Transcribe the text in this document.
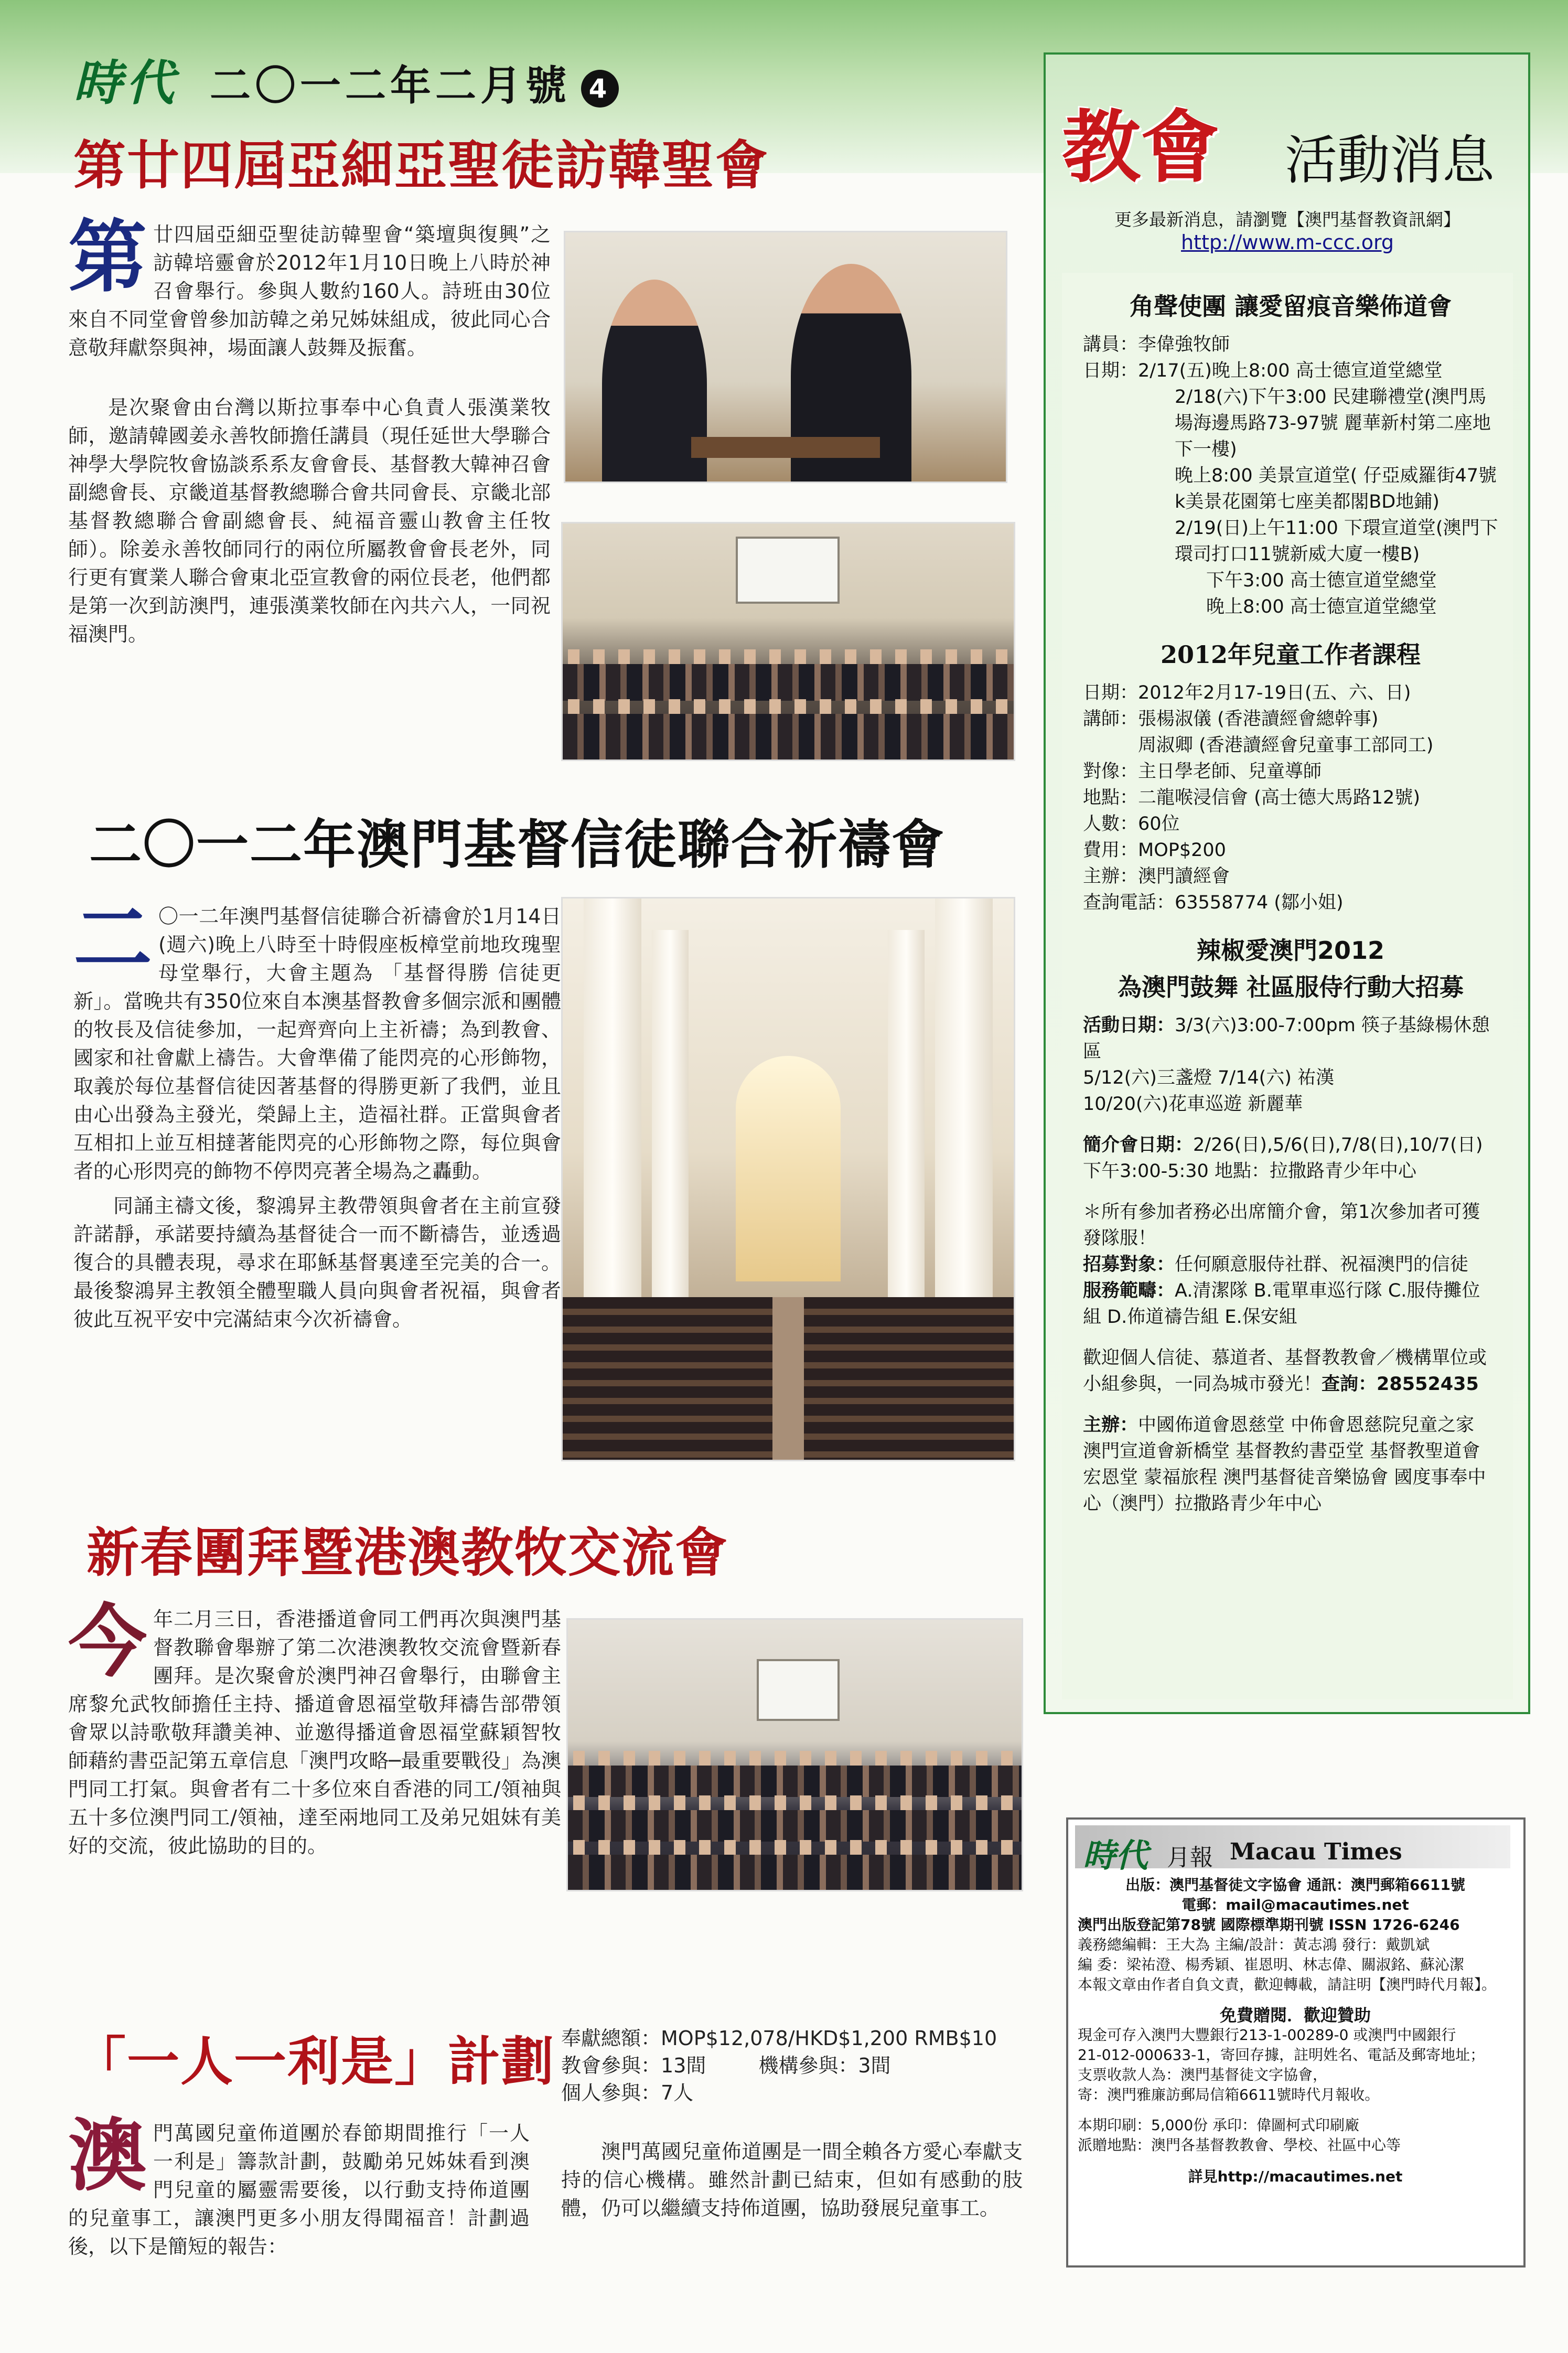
時代 二〇一二年二月號 4
第廿四屆亞細亞聖徒訪韓聖會

第廿四屆亞細亞聖徒訪韓聖會“築壇與復興”之訪韓培靈會於2012年1月10日晚上八時於神召會舉行。參與人數約160人。詩班由30位來自不同堂會曾參加訪韓之弟兄姊妹組成，彼此同心合意敬拜獻祭與神，場面讓人鼓舞及振奮。

是次聚會由台灣以斯拉事奉中心負責人張漢業牧師，邀請韓國姜永善牧師擔任講員（現任延世大學聯合神學大學院牧會協談系系友會會長、基督教大韓神召會副總會長、京畿道基督教總聯合會共同會長、京畿北部基督教總聯合會副總會長、純福音靈山教會主任牧師）。除姜永善牧師同行的兩位所屬教會會長老外，同行更有實業人聯合會東北亞宣教會的兩位長老，他們都是第一次到訪澳門，連張漢業牧師在內共六人，一同祝福澳門。

二〇一二年澳門基督信徒聯合祈禱會

二 〇一二年澳門基督信徒聯合祈禱會於1月14日(週六)晚上八時至十時假座板樟堂前地玫瑰聖母堂舉行，大會主題為 「基督得勝 信徒更新」。當晚共有350位來自本澳基督教會多個宗派和團體的牧長及信徒參加，一起齊齊向上主祈禱；為到教會、國家和社會獻上禱告。大會準備了能閃亮的心形飾物，取義於每位基督信徒因著基督的得勝更新了我們，並且由心出發為主發光，榮歸上主，造福社群。正當與會者互相扣上並互相撻著能閃亮的心形飾物之際，每位與會者的心形閃亮的飾物不停閃亮著全場為之轟動。

同誦主禱文後，黎鴻昇主教帶領與會者在主前宣發許諾靜，承諾要持續為基督徒合一而不斷禱告，並透過復合的具體表現，尋求在耶穌基督裏達至完美的合一。最後黎鴻昇主教領全體聖職人員向與會者祝福，與會者彼此互祝平安中完滿結束今次祈禱會。

新春團拜暨港澳教牧交流會

今年二月三日，香港播道會同工們再次與澳門基督教聯會舉辦了第二次港澳教牧交流會暨新春團拜。是次聚會於澳門神召會舉行，由聯會主席黎允武牧師擔任主持、播道會恩福堂敬拜禱告部帶領會眾以詩歌敬拜讚美神、並邀得播道會恩福堂蘇穎智牧師藉約書亞記第五章信息「澳門攻略─最重要戰役」為澳門同工打氣。與會者有二十多位來自香港的同工/領袖與五十多位澳門同工/領袖，達至兩地同工及弟兄姐妹有美好的交流，彼此協助的目的。

「一人一利是」計劃

澳門萬國兒童佈道團於春節期間推行「一人一利是」籌款計劃，鼓勵弟兄姊妹看到澳門兒童的屬靈需要後，以行動支持佈道團的兒童事工，讓澳門更多小朋友得聞福音！計劃過後，以下是簡短的報告：

奉獻總額：MOP$12,078/HKD$1,200 RMB$10
教會參與：13間	機構參與：3間
個人參與：7人

澳門萬國兒童佈道團是一間全賴各方愛心奉獻支持的信心機構。雖然計劃已結束，但如有感動的肢體，仍可以繼續支持佈道團，協助發展兒童事工。

教會 活動消息
更多最新消息，請瀏覽【澳門基督教資訊網】
http://www.m-ccc.org
角聲使團 讓愛留痕音樂佈道會
講員：李偉強牧師
日期：2/17(五)晚上8:00 高士德宣道堂總堂
2/18(六)下午3:00 民建聯禮堂(澳門馬場海邊馬路73-97號 麗華新村第二座地下一樓)
晚上8:00 美景宣道堂( 仔亞威羅街47號k美景花園第七座美都閣BD地鋪)
2/19(日)上午11:00 下環宣道堂(澳門下環司打口11號新威大廈一樓B)
下午3:00 高士德宣道堂總堂
晚上8:00 高士德宣道堂總堂
2012年兒童工作者課程
日期：2012年2月17-19日(五、六、日)
講師：張楊淑儀 (香港讀經會總幹事)
周淑卿 (香港讀經會兒童事工部同工)
對像：主日學老師、兒童導師
地點：二龍喉浸信會 (高士德大馬路12號)
人數：60位
費用：MOP$200
主辦：澳門讀經會
查詢電話：63558774 (鄒小姐)
辣椒愛澳門2012
為澳門鼓舞 社區服侍行動大招募
活動日期：3/3(六)3:00-7:00pm 筷子基綠楊休憩區
5/12(六)三盞燈 7/14(六) 祐漢
10/20(六)花車巡遊 新麗華
簡介會日期：2/26(日),5/6(日),7/8(日),10/7(日)
下午3:00-5:30 地點：拉撒路青少年中心
＊所有參加者務必出席簡介會，第1次參加者可獲發隊服！
招募對象：任何願意服侍社群、祝福澳門的信徒
服務範疇：A.清潔隊 B.電單車巡行隊 C.服侍攤位組 D.佈道禱告組 E.保安組
歡迎個人信徒、慕道者、基督教教會／機構單位或小組參與，一同為城市發光！查詢：28552435
主辦：中國佈道會恩慈堂 中佈會恩慈院兒童之家 澳門宣道會新橋堂 基督教約書亞堂 基督教聖道會宏恩堂 蒙福旅程 澳門基督徒音樂協會 國度事奉中心（澳門）拉撒路青少年中心
時代 月報 Macau Times
出版：澳門基督徒文字協會 通訊：澳門郵箱6611號
電郵：mail@macautimes.net
澳門出版登記第78號 國際標準期刊號 ISSN 1726-6246
義務總編輯：王大為 主編/設計：黃志鴻 發行：戴凱斌
編 委：梁祐澄、楊秀穎、崔恩明、林志偉、關淑銘、蘇沁潔
本報文章由作者自負文責，歡迎轉載，請註明【澳門時代月報】。
免費贈閱．歡迎贊助
現金可存入澳門大豐銀行213-1-00289-0 或澳門中國銀行
21-012-000633-1，寄回存據，註明姓名、電話及郵寄地址；
支票收款人為：澳門基督徒文字協會，
寄：澳門雅廉訪郵局信箱6611號時代月報收。
本期印刷：5,000份 承印：偉圖柯式印刷廠
派贈地點：澳門各基督教教會、學校、社區中心等
詳見http://macautimes.net
